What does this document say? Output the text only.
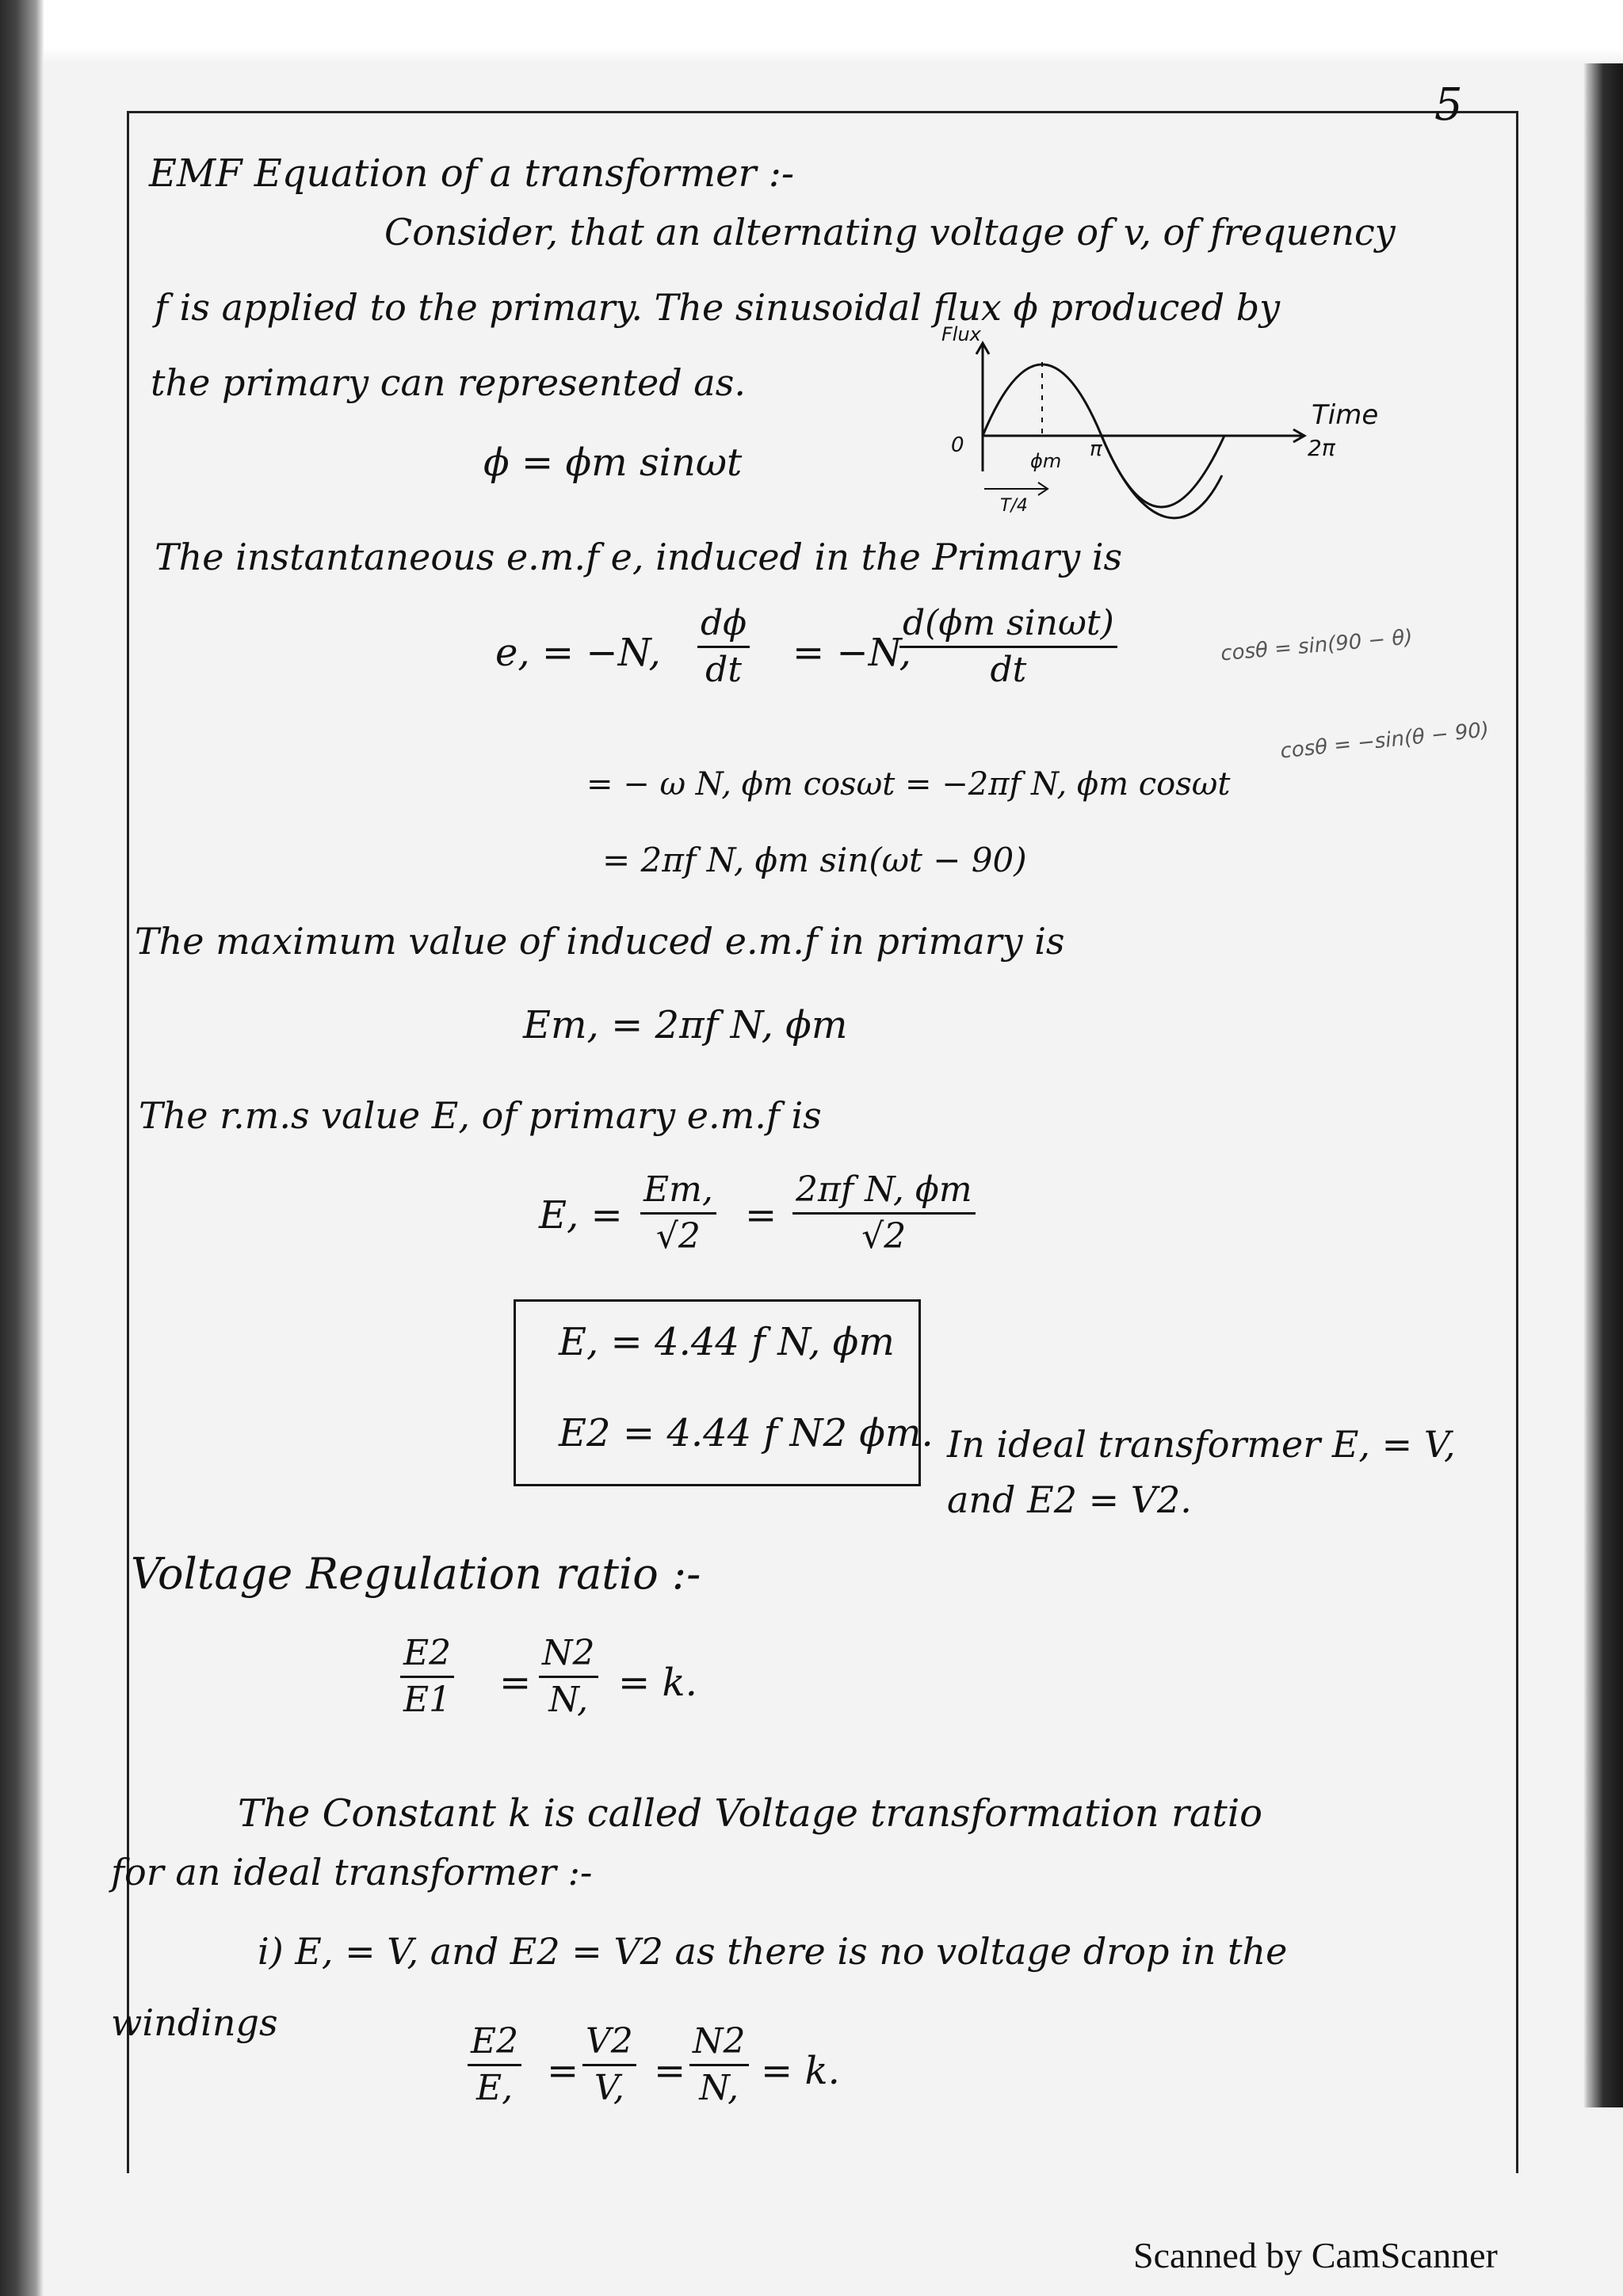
5
EMF Equation of a transformer :-
Consider, that an alternating voltage of v, of frequency
f is applied to the primary. The sinusoidal flux ϕ produced by
the primary can represented as.
ϕ = ϕm sinωt
Flux
Time
0
ϕm π	2π
T/4
The instantaneous e.m.f e, induced in the Primary is
e, = −N, $\frac{d\phi}{dt} = -N$,
$\frac{\text{d(ϕm sinωt)}}{dt}$	cosθ = sin(90 − θ)
cosθ = −sin(θ − 90)
= − ω N, ϕm cosωt = −2πf N, ϕm cosωt
= 2πf N, ϕm sin(ωt − 90)
The maximum value of induced e.m.f in primary is
Em, = 2πf N, ϕm
The r.m.s value E, of primary e.m.f is
E, = $\frac{Em,}{√2} = \frac{\text{2πf N, ϕm}}{√2}$
E, = 4.44 f N, ϕm
E2 = 4.44 f N2 ϕm. In ideal transformer E, = V,
and E2 = V2.
Voltage Regulation ratio :-
$\frac{E2}{E1} = \frac{N2}{N,} = k$.
The Constant k is called Voltage transformation ratio
for an ideal transformer :-
i) E, = V, and E2 = V2 as there is no voltage drop in the
windings
$\frac{E2}{E,} = \frac{V2}{V,} = \frac{N2}{N,} = k$.
Scanned by CamScanner
